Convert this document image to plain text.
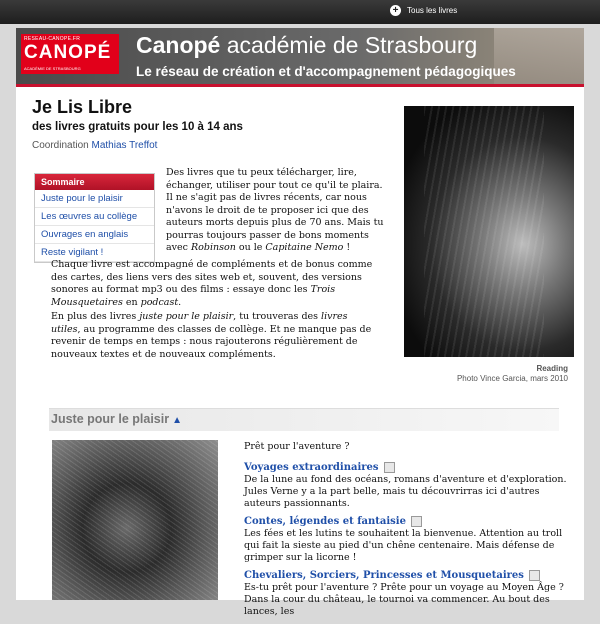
+	Tous les livres
RESEAU-CANOPE.FR
CANOPÉ
ACADÉMIE DE STRASBOURG
Canopé académie de Strasbourg
Le réseau de création et d'accompagnement pédagogiques
Je Lis Libre
des livres gratuits pour les 10 à 14 ans
Coordination Mathias Treffot
Sommaire
Juste pour le plaisir
Les œuvres au collège
Ouvrages en anglais
Reste vigilant !

Des livres que tu peux télécharger, lire, échanger, utiliser pour tout ce qu'il te plaira. Il ne s'agit pas de livres récents, car nous n'avons le droit de te proposer ici que des auteurs morts depuis plus de 70 ans. Mais tu pourras toujours passer de bons moments avec Robinson ou le Capitaine Nemo !

Chaque livre est accompagné de compléments et de bonus comme des cartes, des liens vers des sites web et, souvent, des versions sonores au format mp3 ou des films : essaye donc les Trois Mousquetaires en podcast.

En plus des livres juste pour le plaisir, tu trouveras des livres utiles, au programme des classes de collège. Et ne manque pas de revenir de temps en temps : nous rajouterons régulièrement de nouveaux textes et de nouveaux compléments.

Reading
Photo Vince Garcia, mars 2010
Juste pour le plaisir ▲

Prêt pour l'aventure ?

Voyages extraordinaires
De la lune au fond des océans, romans d'aventure et d'exploration. Jules Verne y a la part belle, mais tu découvrirras ici d'autres auteurs passionnants.
Contes, légendes et fantaisie
Les fées et les lutins te souhaitent la bienvenue. Attention au troll qui fait la sieste au pied d'un chêne centenaire. Mais défense de grimper sur la licorne !
Chevaliers, Sorciers, Princesses et Mousquetaires
Es-tu prêt pour l'aventure ? Prête pour un voyage au Moyen Âge ? Dans la cour du château, le tournoi va commencer. Au bout des lances, les
